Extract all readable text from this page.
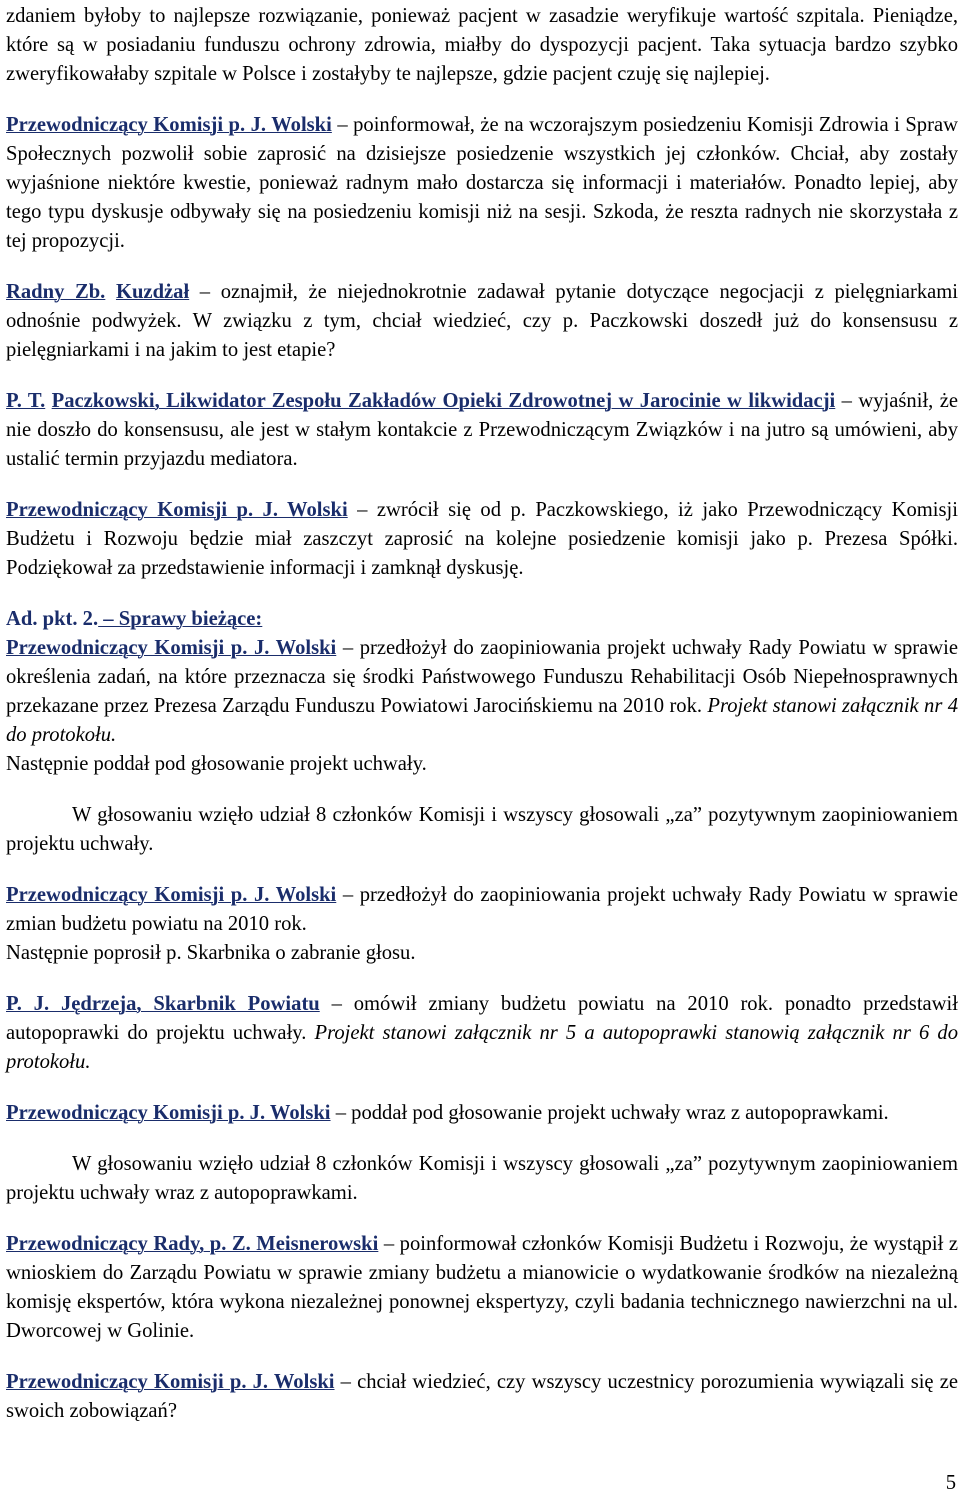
zdaniem byłoby to najlepsze rozwiązanie, ponieważ pacjent w zasadzie weryfikuje wartość szpitala. Pieniądze, które są w posiadaniu funduszu ochrony zdrowia, miałby do dyspozycji pacjent. Taka sytuacja bardzo szybko zweryfikowałaby szpitale w Polsce i zostałyby te najlepsze, gdzie pacjent czuję się najlepiej.

Przewodniczący Komisji p. J. Wolski – poinformował, że na wczorajszym posiedzeniu Komisji Zdrowia i Spraw Społecznych pozwolił sobie zaprosić na dzisiejsze posiedzenie wszystkich jej członków. Chciał, aby zostały wyjaśnione niektóre kwestie, ponieważ radnym mało dostarcza się informacji i materiałów. Ponadto lepiej, aby tego typu dyskusje odbywały się na posiedzeniu komisji niż na sesji. Szkoda, że reszta radnych nie skorzystała z tej propozycji.

Radny Zb. Kuzdżał – oznajmił, że niejednokrotnie zadawał pytanie dotyczące negocjacji z pielęgniarkami odnośnie podwyżek. W związku z tym, chciał wiedzieć, czy p. Paczkowski doszedł już do konsensusu z pielęgniarkami i na jakim to jest etapie?

P. T. Paczkowski, Likwidator Zespołu Zakładów Opieki Zdrowotnej w Jarocinie w likwidacji – wyjaśnił, że nie doszło do konsensusu, ale jest w stałym kontakcie z Przewodniczącym Związków i na jutro są umówieni, aby ustalić termin przyjazdu mediatora.

Przewodniczący Komisji p. J. Wolski – zwrócił się od p. Paczkowskiego, iż jako Przewodniczący Komisji Budżetu i Rozwoju będzie miał zaszczyt zaprosić na kolejne posiedzenie komisji jako p. Prezesa Spółki. Podziękował za przedstawienie informacji i zamknął dyskusję.

Ad. pkt. 2. – Sprawy bieżące:

Przewodniczący Komisji p. J. Wolski – przedłożył do zaopiniowania projekt uchwały Rady Powiatu w sprawie określenia zadań, na które przeznacza się środki Państwowego Funduszu Rehabilitacji Osób Niepełnosprawnych przekazane przez Prezesa Zarządu Funduszu Powiatowi Jarocińskiemu na 2010 rok. Projekt stanowi załącznik nr 4 do protokołu.

Następnie poddał pod głosowanie projekt uchwały.

W głosowaniu wzięło udział 8 członków Komisji i wszyscy głosowali „za” pozytywnym zaopiniowaniem projektu uchwały.

Przewodniczący Komisji p. J. Wolski – przedłożył do zaopiniowania projekt uchwały Rady Powiatu w sprawie zmian budżetu powiatu na 2010 rok.

Następnie poprosił p. Skarbnika o zabranie głosu.

P. J. Jędrzeja, Skarbnik Powiatu – omówił zmiany budżetu powiatu na 2010 rok. ponadto przedstawił autopoprawki do projektu uchwały. Projekt stanowi załącznik nr 5 a autopoprawki stanowią załącznik nr 6 do protokołu.

Przewodniczący Komisji p. J. Wolski – poddał pod głosowanie projekt uchwały wraz z autopoprawkami.

W głosowaniu wzięło udział 8 członków Komisji i wszyscy głosowali „za” pozytywnym zaopiniowaniem projektu uchwały wraz z autopoprawkami.

Przewodniczący Rady, p. Z. Meisnerowski – poinformował członków Komisji Budżetu i Rozwoju, że wystąpił z wnioskiem do Zarządu Powiatu w sprawie zmiany budżetu a mianowicie o wydatkowanie środków na niezależną komisję ekspertów, która wykona niezależnej ponownej ekspertyzy, czyli badania technicznego nawierzchni na ul. Dworcowej w Golinie.

Przewodniczący Komisji p. J. Wolski – chciał wiedzieć, czy wszyscy uczestnicy porozumienia wywiązali się ze swoich zobowiązań?

5
